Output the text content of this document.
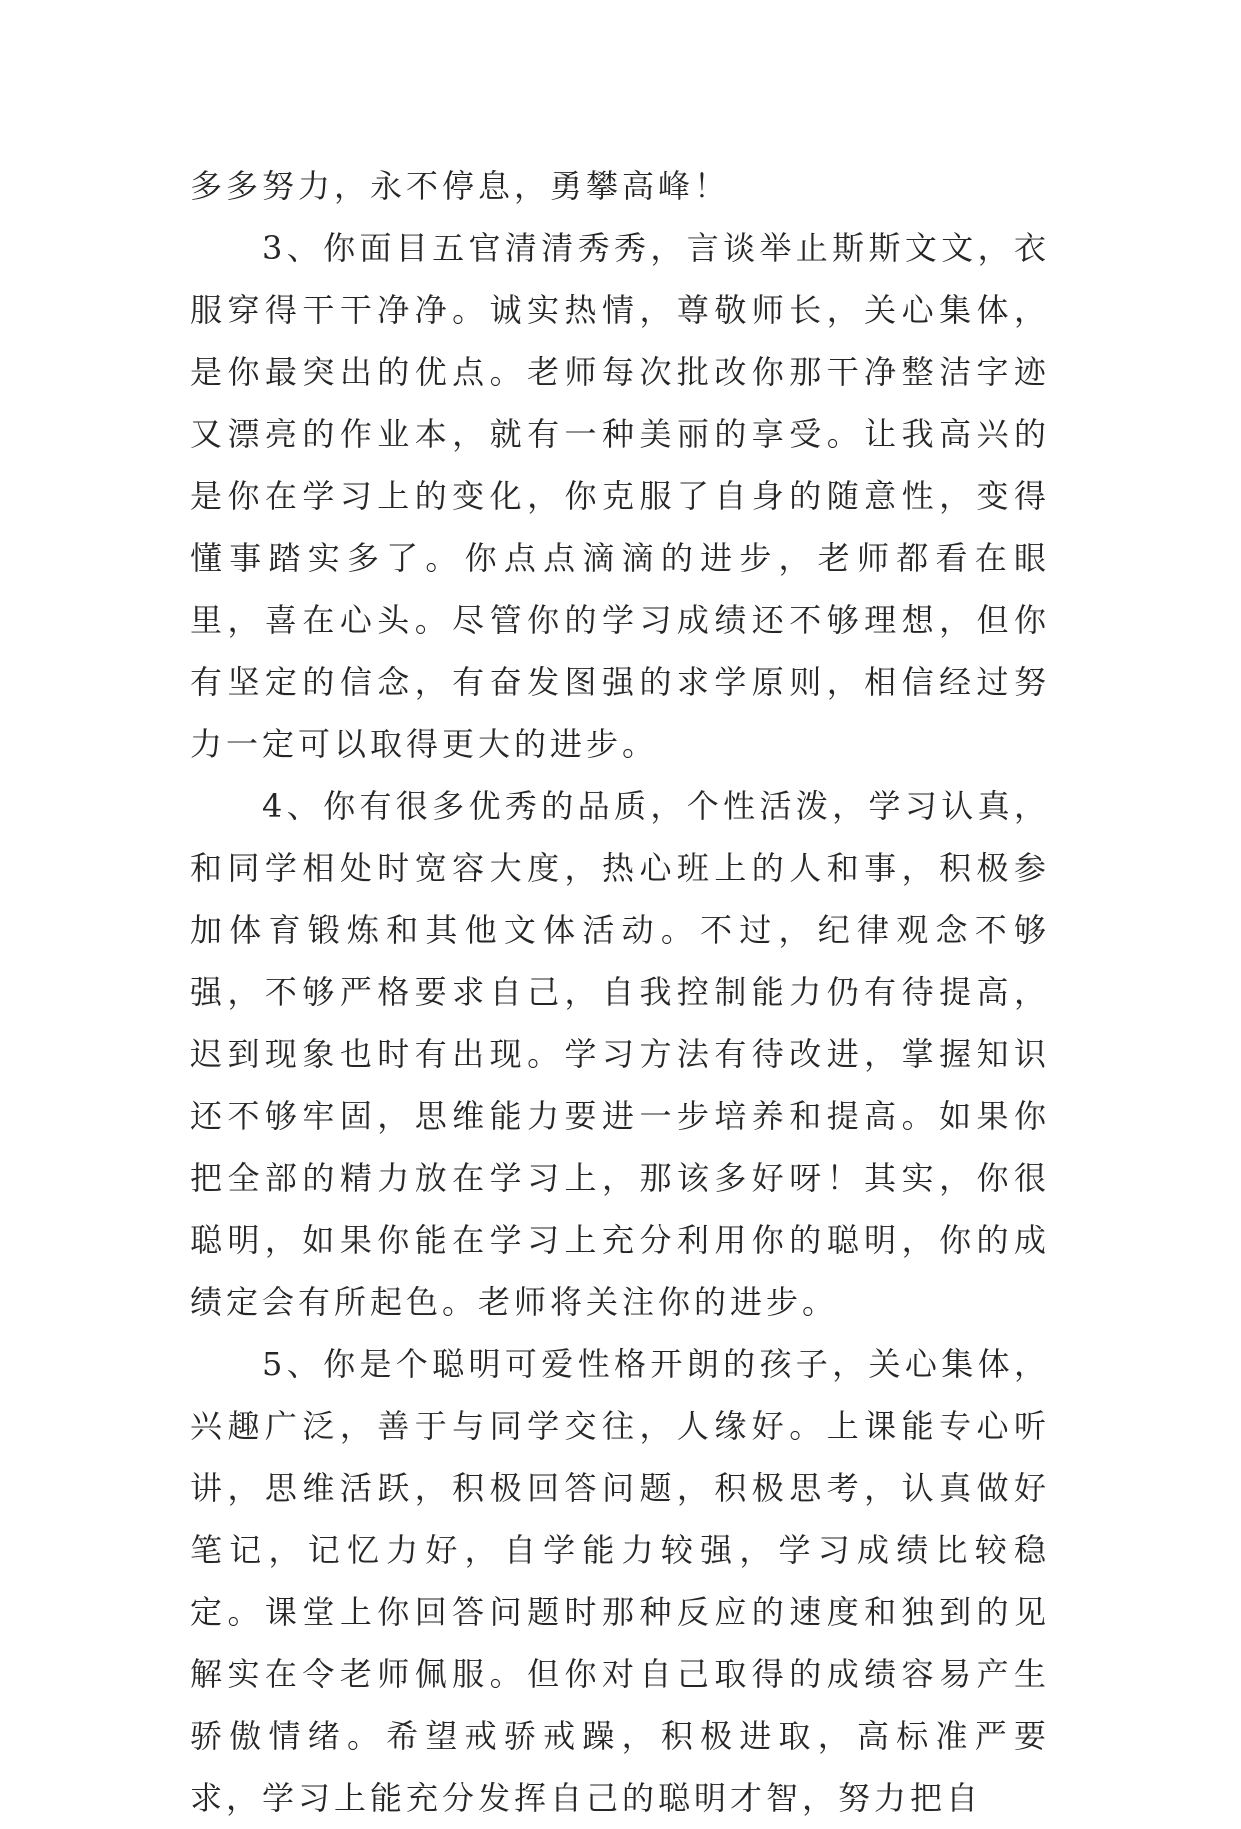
多多努力，永不停息，勇攀高峰！

3、你面目五官清清秀秀，言谈举止斯斯文文，衣服穿得干干净净。诚实热情，尊敬师长，关心集体，是你最突出的优点。老师每次批改你那干净整洁字迹又漂亮的作业本，就有一种美丽的享受。让我高兴的是你在学习上的变化，你克服了自身的随意性，变得懂事踏实多了。你点点滴滴的进步，老师都看在眼里，喜在心头。尽管你的学习成绩还不够理想，但你有坚定的信念，有奋发图强的求学原则，相信经过努力一定可以取得更大的进步。

4、你有很多优秀的品质，个性活泼，学习认真，和同学相处时宽容大度，热心班上的人和事，积极参加体育锻炼和其他文体活动。不过，纪律观念不够强，不够严格要求自己，自我控制能力仍有待提高，迟到现象也时有出现。学习方法有待改进，掌握知识还不够牢固，思维能力要进一步培养和提高。如果你把全部的精力放在学习上，那该多好呀！其实，你很聪明，如果你能在学习上充分利用你的聪明，你的成绩定会有所起色。老师将关注你的进步。

5、你是个聪明可爱性格开朗的孩子，关心集体，兴趣广泛，善于与同学交往，人缘好。上课能专心听讲，思维活跃，积极回答问题，积极思考，认真做好笔记，记忆力好，自学能力较强，学习成绩比较稳定。课堂上你回答问题时那种反应的速度和独到的见解实在令老师佩服。但你对自己取得的成绩容易产生骄傲情绪。希望戒骄戒躁，积极进取，高标准严要求，学习上能充分发挥自己的聪明才智，努力把自
